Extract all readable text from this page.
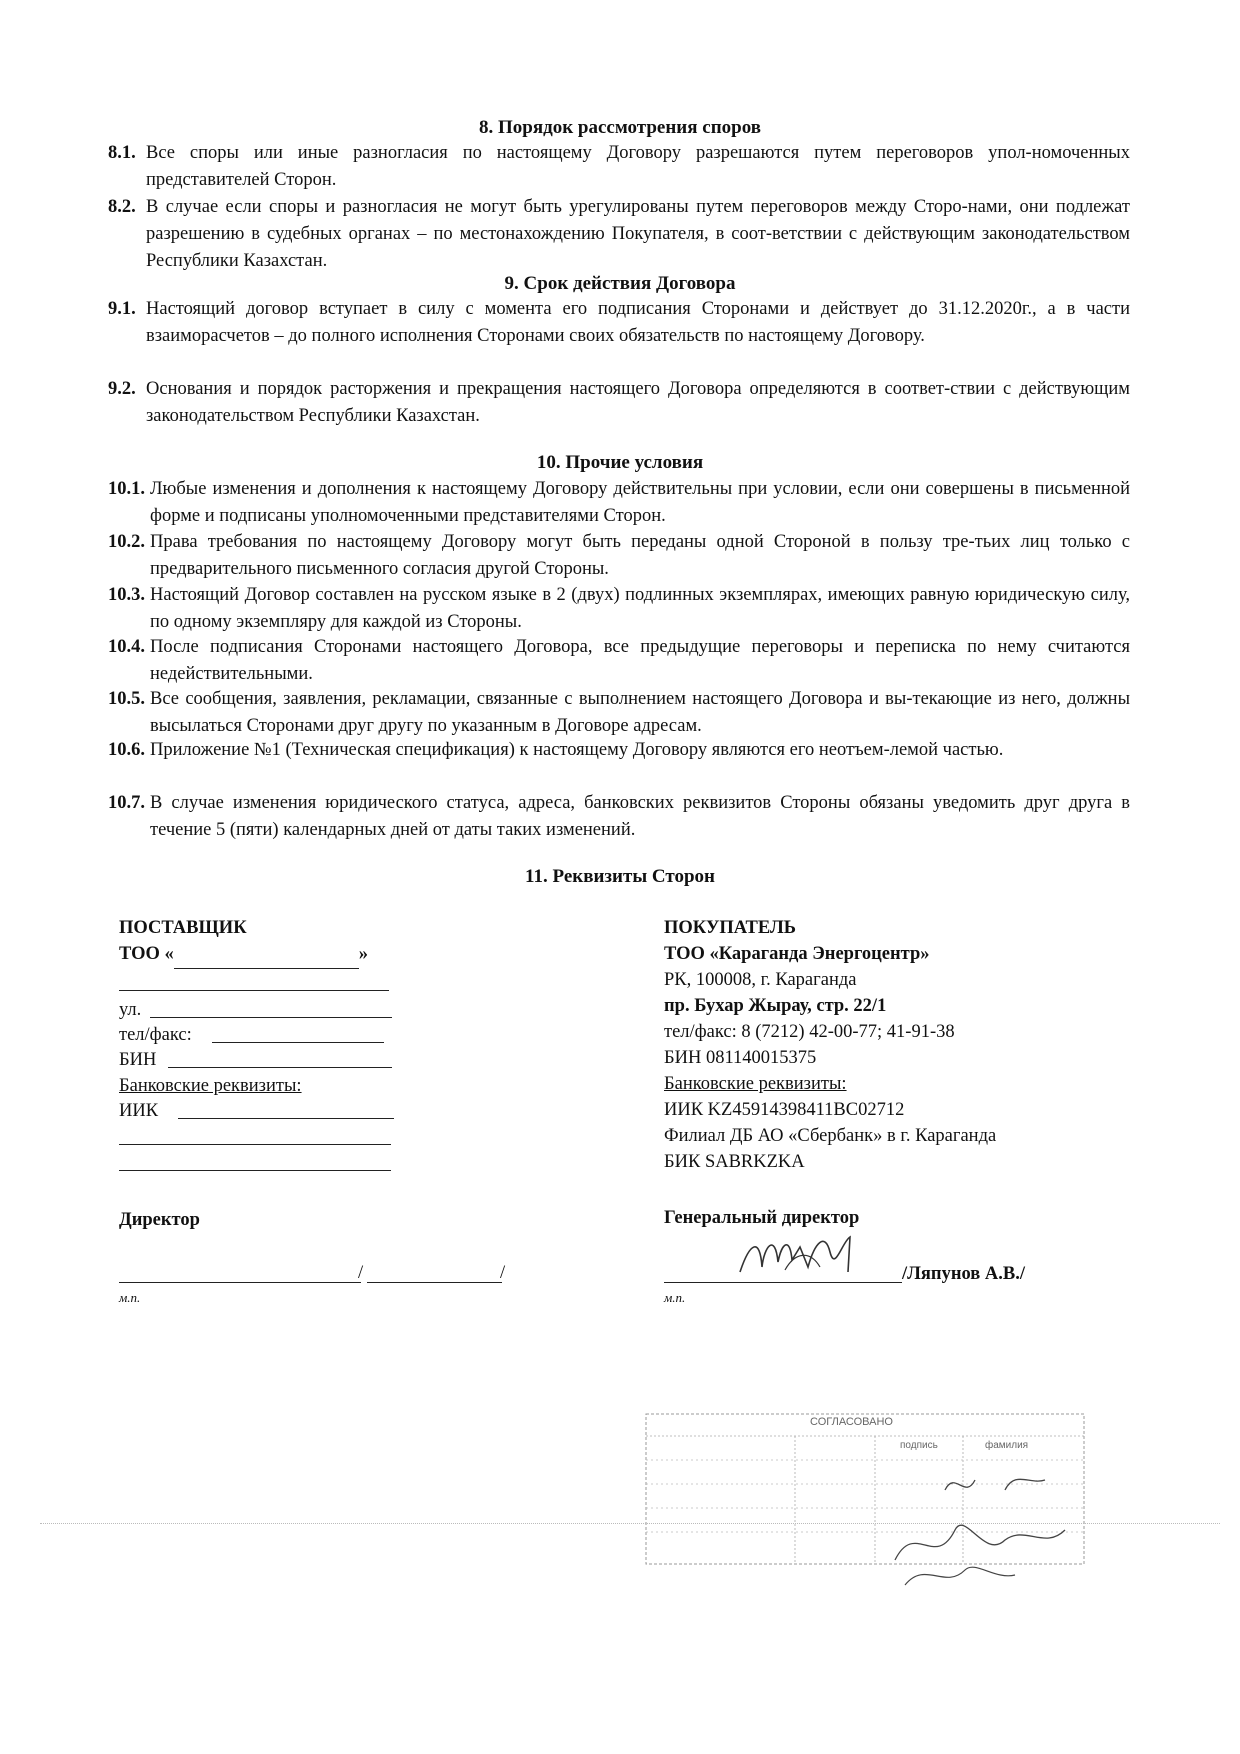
8. Порядок рассмотрения споров
8.1. Все споры или иные разногласия по настоящему Договору разрешаются путем переговоров упол-номоченных представителей Сторон.
8.2. В случае если споры и разногласия не могут быть урегулированы путем переговоров между Сторо-нами, они подлежат разрешению в судебных органах – по местонахождению Покупателя, в соот-ветствии с действующим законодательством Республики Казахстан.
9. Срок действия Договора
9.1. Настоящий договор вступает в силу с момента его подписания Сторонами и действует до 31.12.2020г., а в части взаиморасчетов – до полного исполнения Сторонами своих обязательств по настоящему Договору.
9.2. Основания и порядок расторжения и прекращения настоящего Договора определяются в соответ-ствии с действующим законодательством Республики Казахстан.
10. Прочие условия
10.1. Любые изменения и дополнения к настоящему Договору действительны при условии, если они совершены в письменной форме и подписаны уполномоченными представителями Сторон.
10.2. Права требования по настоящему Договору могут быть переданы одной Стороной в пользу тре-тьих лиц только с предварительного письменного согласия другой Стороны.
10.3. Настоящий Договор составлен на русском языке в 2 (двух) подлинных экземплярах, имеющих равную юридическую силу, по одному экземпляру для каждой из Стороны.
10.4. После подписания Сторонами настоящего Договора, все предыдущие переговоры и переписка по нему считаются недействительными.
10.5. Все сообщения, заявления, рекламации, связанные с выполнением настоящего Договора и вы-текающие из него, должны высылаться Сторонами друг другу по указанным в Договоре адресам.
10.6. Приложение №1 (Техническая спецификация) к настоящему Договору являются его неотъем-лемой частью.
10.7. В случае изменения юридического статуса, адреса, банковских реквизитов Стороны обязаны уведомить друг друга в течение 5 (пяти) календарных дней от даты таких изменений.
11. Реквизиты Сторон
ПОСТАВЩИК
ТОО «	»
ул.
тел/факс:
БИН
Банковские реквизиты:
ИИК
Директор
/	/
м.п.
ПОКУПАТЕЛЬ
ТОО «Караганда Энергоцентр»
РК, 100008, г. Караганда
пр. Бухар Жырау, стр. 22/1
тел/факс: 8 (7212) 42-00-77; 41-91-38
БИН 081140015375
Банковские реквизиты:
ИИК KZ45914398411BC02712
Филиал ДБ АО «Сбербанк» в г. Караганда
БИК SABRKZKA
Генеральный директор
/Ляпунов А.В./
м.п.
СОГЛАСОВАНО
подпись	фамилия
